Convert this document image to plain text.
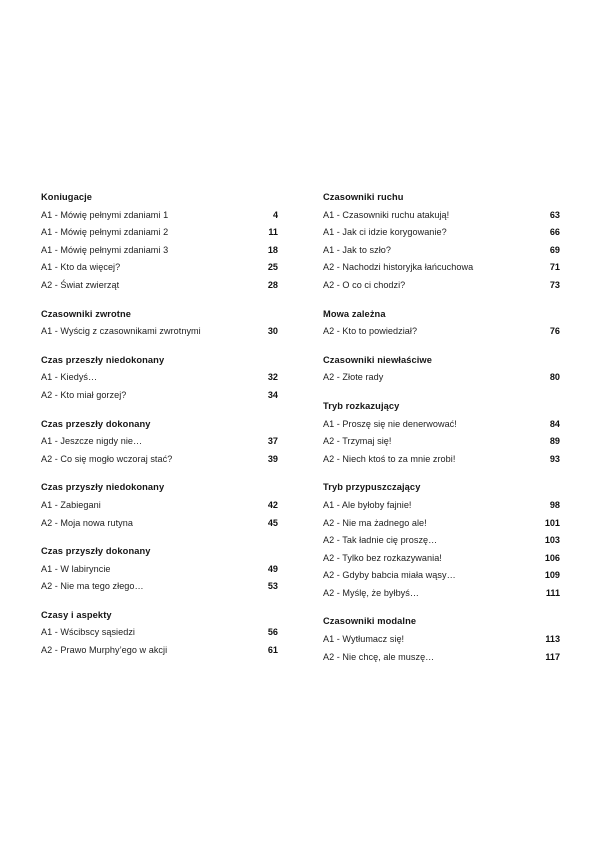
Koniugacje
A1 - Mówię pełnymi zdaniami 1	4
A1 - Mówię pełnymi zdaniami 2	11
A1 - Mówię pełnymi zdaniami 3	18
A1 - Kto da więcej?	25
A2 - Świat zwierząt	28
Czasowniki zwrotne
A1 - Wyścig z czasownikami zwrotnymi	30
Czas przeszły niedokonany
A1 - Kiedyś…	32
A2 - Kto miał gorzej?	34
Czas przeszły dokonany
A1 - Jeszcze nigdy nie…	37
A2 - Co się mogło wczoraj stać?	39
Czas przyszły niedokonany
A1 - Zabiegani	42
A2 - Moja nowa rutyna	45
Czas przyszły dokonany
A1 - W labiryncie	49
A2 - Nie ma tego złego…	53
Czasy i aspekty
A1 - Wścibscy sąsiedzi	56
A2 - Prawo Murphy’ego w akcji	61
Czasowniki ruchu
A1 - Czasowniki ruchu atakują!	63
A1 - Jak ci idzie korygowanie?	66
A1 - Jak to szło?	69
A2 - Nachodzi historyjka łańcuchowa	71
A2 - O co ci chodzi?	73
Mowa zależna
A2 - Kto to powiedział?	76
Czasowniki niewłaściwe
A2 - Złote rady	80
Tryb rozkazujący
A1 - Proszę się nie denerwować!	84
A2 - Trzymaj się!	89
A2 - Niech ktoś to za mnie zrobi!	93
Tryb przypuszczający
A1 - Ale byłoby fajnie!	98
A2 - Nie ma żadnego ale!	101
A2 - Tak ładnie cię proszę…	103
A2 - Tylko bez rozkazywania!	106
A2 - Gdyby babcia miała wąsy…	109
A2 - Myślę, że byłbyś…	111
Czasowniki modalne
A1 - Wytłumacz się!	113
A2 - Nie chcę, ale muszę…	117
